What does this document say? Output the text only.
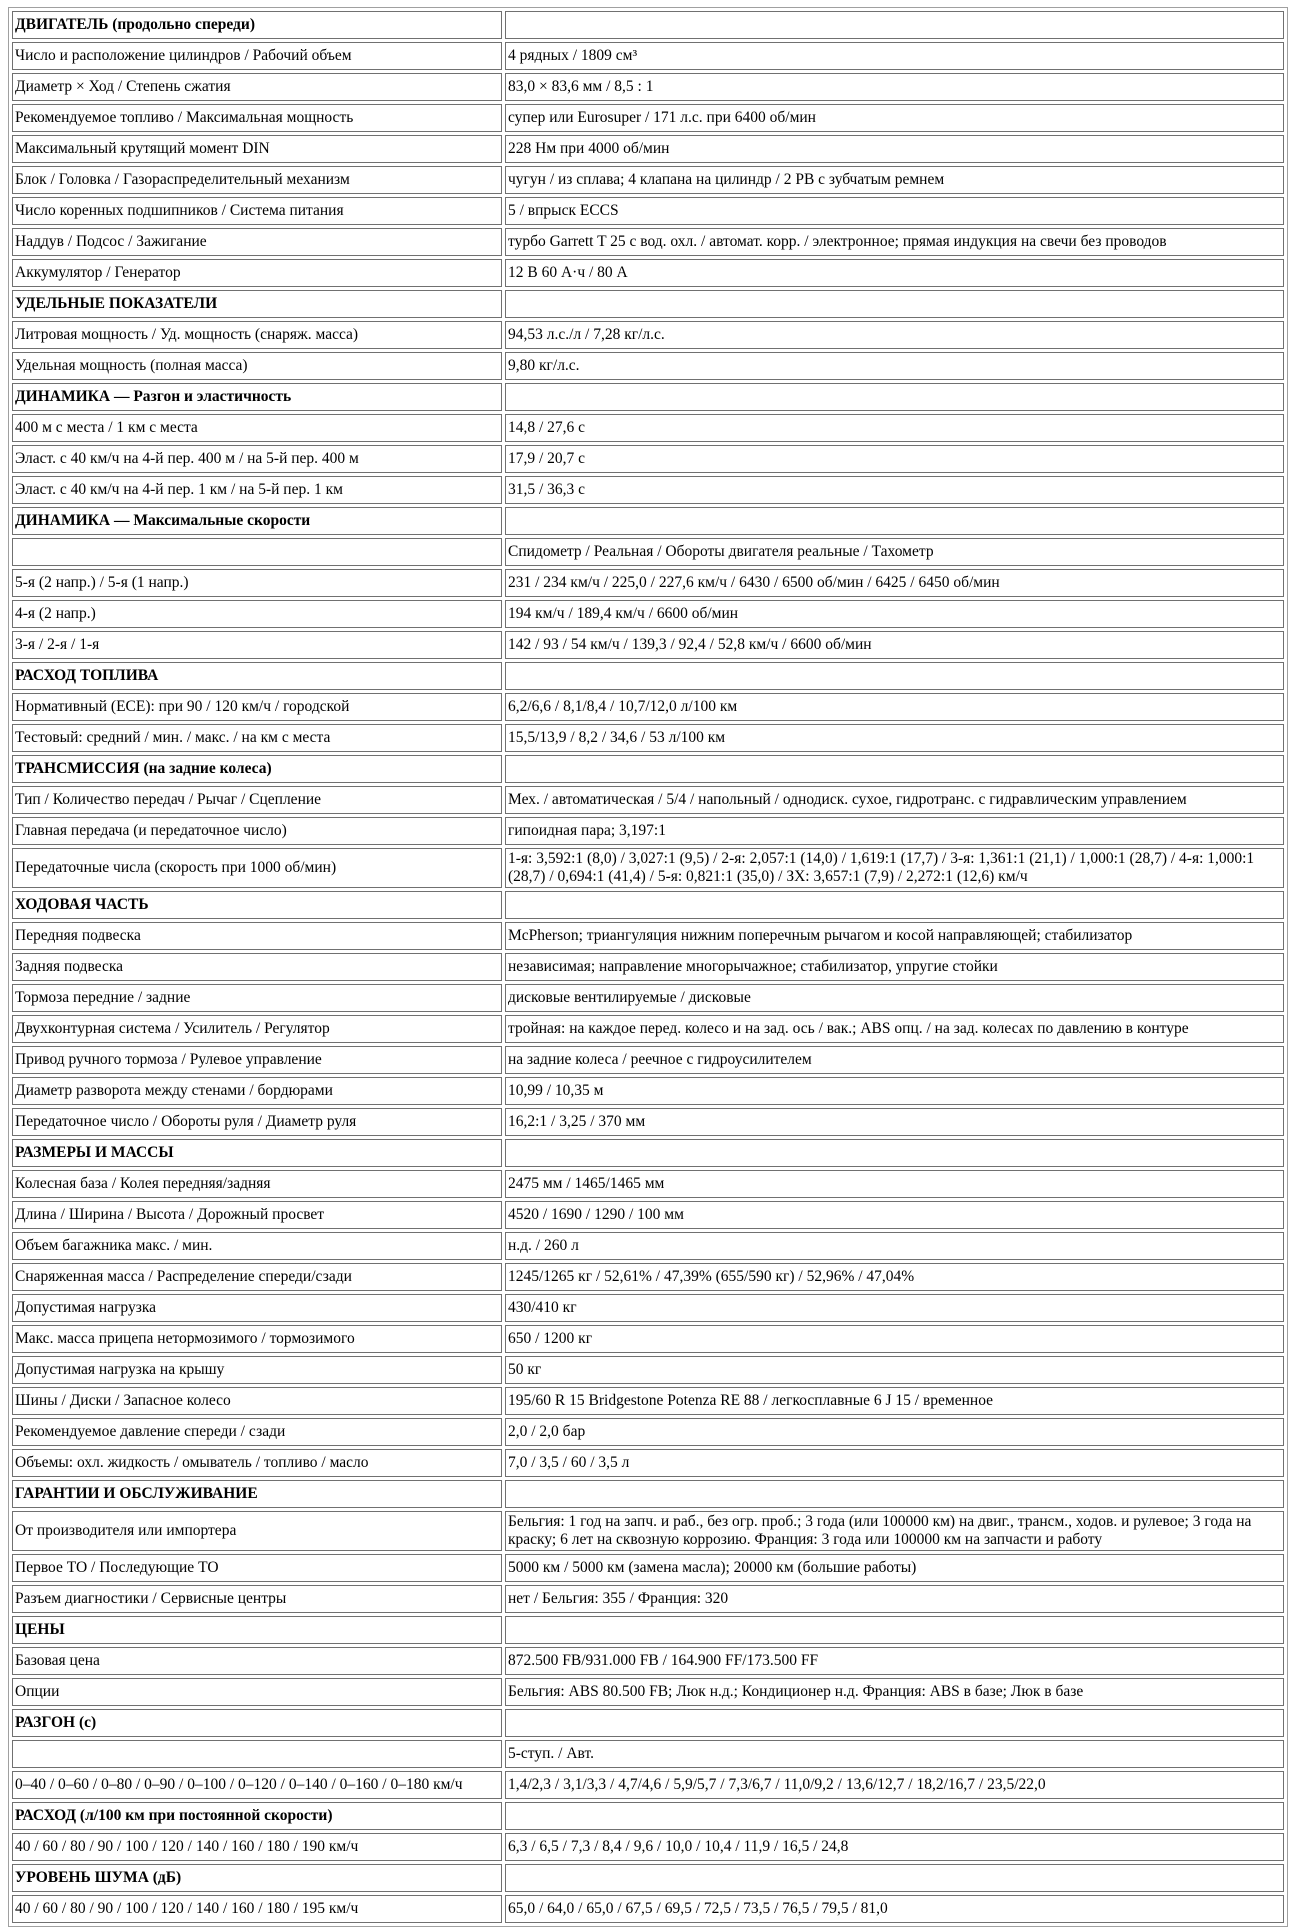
ДВИГАТЕЛЬ (продольно спереди)	
Число и расположение цилиндров / Рабочий объем	4 рядных / 1809 см³
Диаметр × Ход / Степень сжатия	83,0 × 83,6 мм / 8,5 : 1
Рекомендуемое топливо / Максимальная мощность	супер или Eurosuper / 171 л.с. при 6400 об/мин
Максимальный крутящий момент DIN	228 Нм при 4000 об/мин
Блок / Головка / Газораспределительный механизм	чугун / из сплава; 4 клапана на цилиндр / 2 РВ с зубчатым ремнем
Число коренных подшипников / Система питания	5 / впрыск ECCS
Наддув / Подсос / Зажигание	турбо Garrett T 25 с вод. охл. / автомат. корр. / электронное; прямая индукция на свечи без проводов
Аккумулятор / Генератор	12 В 60 А·ч / 80 А
УДЕЛЬНЫЕ ПОКАЗАТЕЛИ	
Литровая мощность / Уд. мощность (снаряж. масса)	94,53 л.с./л / 7,28 кг/л.с.
Удельная мощность (полная масса)	9,80 кг/л.с.
ДИНАМИКА — Разгон и эластичность	
400 м с места / 1 км с места	14,8 / 27,6 с
Эласт. с 40 км/ч на 4-й пер. 400 м / на 5-й пер. 400 м	17,9 / 20,7 с
Эласт. с 40 км/ч на 4-й пер. 1 км / на 5-й пер. 1 км	31,5 / 36,3 с
ДИНАМИКА — Максимальные скорости	
	Спидометр / Реальная / Обороты двигателя реальные / Тахометр
5-я (2 напр.) / 5-я (1 напр.)	231 / 234 км/ч / 225,0 / 227,6 км/ч / 6430 / 6500 об/мин / 6425 / 6450 об/мин
4-я (2 напр.)	194 км/ч / 189,4 км/ч / 6600 об/мин
3-я / 2-я / 1-я	142 / 93 / 54 км/ч / 139,3 / 92,4 / 52,8 км/ч / 6600 об/мин
РАСХОД ТОПЛИВА	
Нормативный (ECE): при 90 / 120 км/ч / городской	6,2/6,6 / 8,1/8,4 / 10,7/12,0 л/100 км
Тестовый: средний / мин. / макс. / на км с места	15,5/13,9 / 8,2 / 34,6 / 53 л/100 км
ТРАНСМИССИЯ (на задние колеса)	
Тип / Количество передач / Рычаг / Сцепление	Мех. / автоматическая / 5/4 / напольный / однодиск. сухое, гидротранс. с гидравлическим управлением
Главная передача (и передаточное число)	гипоидная пара; 3,197:1
Передаточные числа (скорость при 1000 об/мин)	1-я: 3,592:1 (8,0) / 3,027:1 (9,5) / 2-я: 2,057:1 (14,0) / 1,619:1 (17,7) / 3-я: 1,361:1 (21,1) / 1,000:1 (28,7) / 4-я: 1,000:1 (28,7) / 0,694:1 (41,4) / 5-я: 0,821:1 (35,0) / ЗХ: 3,657:1 (7,9) / 2,272:1 (12,6) км/ч
ХОДОВАЯ ЧАСТЬ	
Передняя подвеска	McPherson; триангуляция нижним поперечным рычагом и косой направляющей; стабилизатор
Задняя подвеска	независимая; направление многорычажное; стабилизатор, упругие стойки
Тормоза передние / задние	дисковые вентилируемые / дисковые
Двухконтурная система / Усилитель / Регулятор	тройная: на каждое перед. колесо и на зад. ось / вак.; ABS опц. / на зад. колесах по давлению в контуре
Привод ручного тормоза / Рулевое управление	на задние колеса / реечное с гидроусилителем
Диаметр разворота между стенами / бордюрами	10,99 / 10,35 м
Передаточное число / Обороты руля / Диаметр руля	16,2:1 / 3,25 / 370 мм
РАЗМЕРЫ И МАССЫ	
Колесная база / Колея передняя/задняя	2475 мм / 1465/1465 мм
Длина / Ширина / Высота / Дорожный просвет	4520 / 1690 / 1290 / 100 мм
Объем багажника макс. / мин.	н.д. / 260 л
Снаряженная масса / Распределение спереди/сзади	1245/1265 кг / 52,61% / 47,39% (655/590 кг) / 52,96% / 47,04%
Допустимая нагрузка	430/410 кг
Макс. масса прицепа нетормозимого / тормозимого	650 / 1200 кг
Допустимая нагрузка на крышу	50 кг
Шины / Диски / Запасное колесо	195/60 R 15 Bridgestone Potenza RE 88 / легкосплавные 6 J 15 / временное
Рекомендуемое давление спереди / сзади	2,0 / 2,0 бар
Объемы: охл. жидкость / омыватель / топливо / масло	7,0 / 3,5 / 60 / 3,5 л
ГАРАНТИИ И ОБСЛУЖИВАНИЕ	
От производителя или импортера	Бельгия: 1 год на запч. и раб., без огр. проб.; 3 года (или 100000 км) на двиг., трансм., ходов. и рулевое; 3 года на краску; 6 лет на сквозную коррозию. Франция: 3 года или 100000 км на запчасти и работу
Первое ТО / Последующие ТО	5000 км / 5000 км (замена масла); 20000 км (большие работы)
Разъем диагностики / Сервисные центры	нет / Бельгия: 355 / Франция: 320
ЦЕНЫ	
Базовая цена	872.500 FB/931.000 FB / 164.900 FF/173.500 FF
Опции	Бельгия: ABS 80.500 FB; Люк н.д.; Кондиционер н.д. Франция: ABS в базе; Люк в базе
РАЗГОН (с)	
	5-ступ. / Авт.
0–40 / 0–60 / 0–80 / 0–90 / 0–100 / 0–120 / 0–140 / 0–160 / 0–180 км/ч	1,4/2,3 / 3,1/3,3 / 4,7/4,6 / 5,9/5,7 / 7,3/6,7 / 11,0/9,2 / 13,6/12,7 / 18,2/16,7 / 23,5/22,0
РАСХОД (л/100 км при постоянной скорости)	
40 / 60 / 80 / 90 / 100 / 120 / 140 / 160 / 180 / 190 км/ч	6,3 / 6,5 / 7,3 / 8,4 / 9,6 / 10,0 / 10,4 / 11,9 / 16,5 / 24,8
УРОВЕНЬ ШУМА (дБ)	
40 / 60 / 80 / 90 / 100 / 120 / 140 / 160 / 180 / 195 км/ч	65,0 / 64,0 / 65,0 / 67,5 / 69,5 / 72,5 / 73,5 / 76,5 / 79,5 / 81,0
